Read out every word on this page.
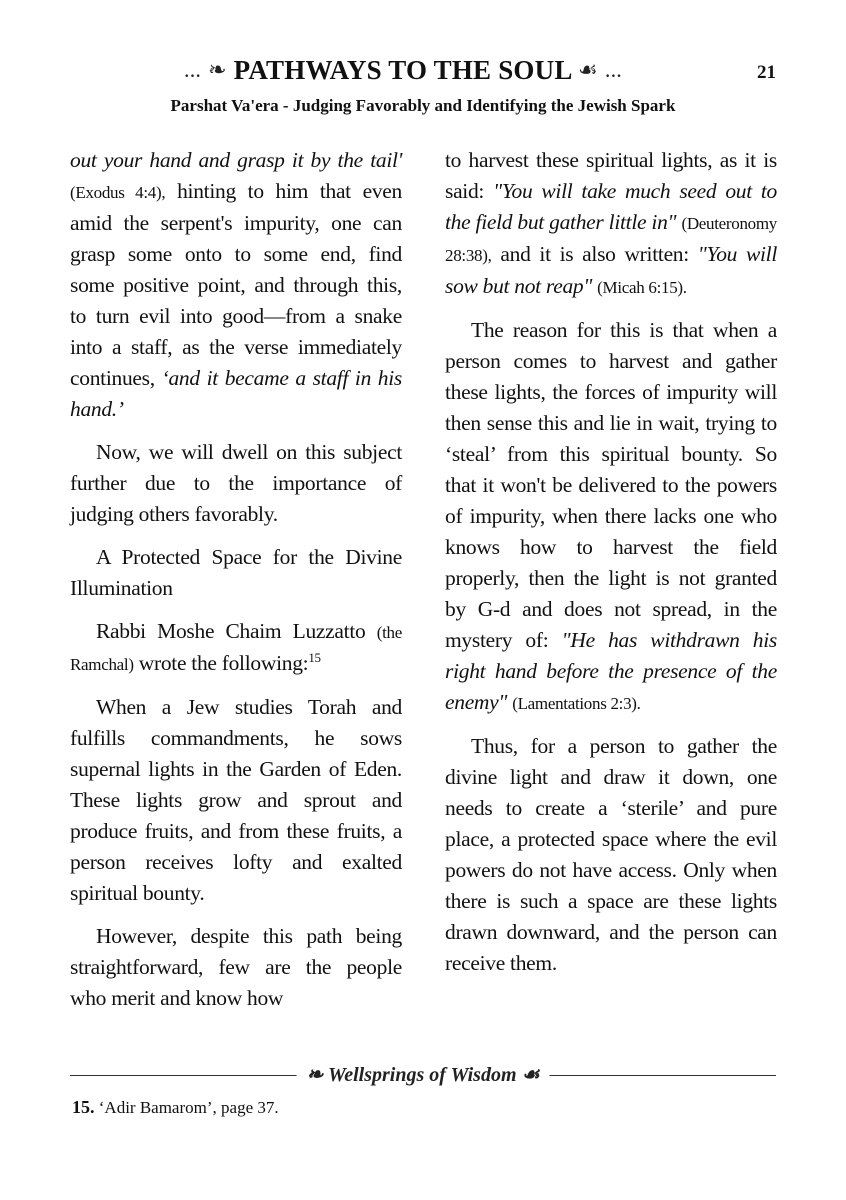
... ❧ PATHWAYS TO THE SOUL ☙ ...	21
Parshat Va'era - Judging Favorably and Identifying the Jewish Spark

out your hand and grasp it by the tail' (Exodus 4:4), hinting to him that even amid the serpent's impurity, one can grasp some onto to some end, find some positive point, and through this, to turn evil into good—from a snake into a staff, as the verse immediately continues, ‘and it became a staff in his hand.’

Now, we will dwell on this subject further due to the importance of judging others favorably.

A Protected Space for the Divine Illumination

Rabbi Moshe Chaim Luzzatto (the Ramchal) wrote the following:$^{15}$

When a Jew studies Torah and fulfills commandments, he sows supernal lights in the Garden of Eden. These lights grow and sprout and produce fruits, and from these fruits, a person receives lofty and exalted spiritual bounty.

However, despite this path being straightforward, few are the people who merit and know how

to harvest these spiritual lights, as it is said: "You will take much seed out to the field but gather little in" (Deuteronomy 28:38), and it is also written: "You will sow but not reap" (Micah 6:15).

The reason for this is that when a person comes to harvest and gather these lights, the forces of impurity will then sense this and lie in wait, trying to ‘steal’ from this spiritual bounty. So that it won't be delivered to the powers of impurity, when there lacks one who knows how to harvest the field properly, then the light is not granted by G-d and does not spread, in the mystery of: "He has withdrawn his right hand before the presence of the enemy" (Lamentations 2:3).

Thus, for a person to gather the divine light and draw it down, one needs to create a ‘sterile’ and pure place, a protected space where the evil powers do not have access. Only when there is such a space are these lights drawn downward, and the person can receive them.

❧ Wellsprings of Wisdom ☙
15. ‘Adir Bamarom’, page 37.
